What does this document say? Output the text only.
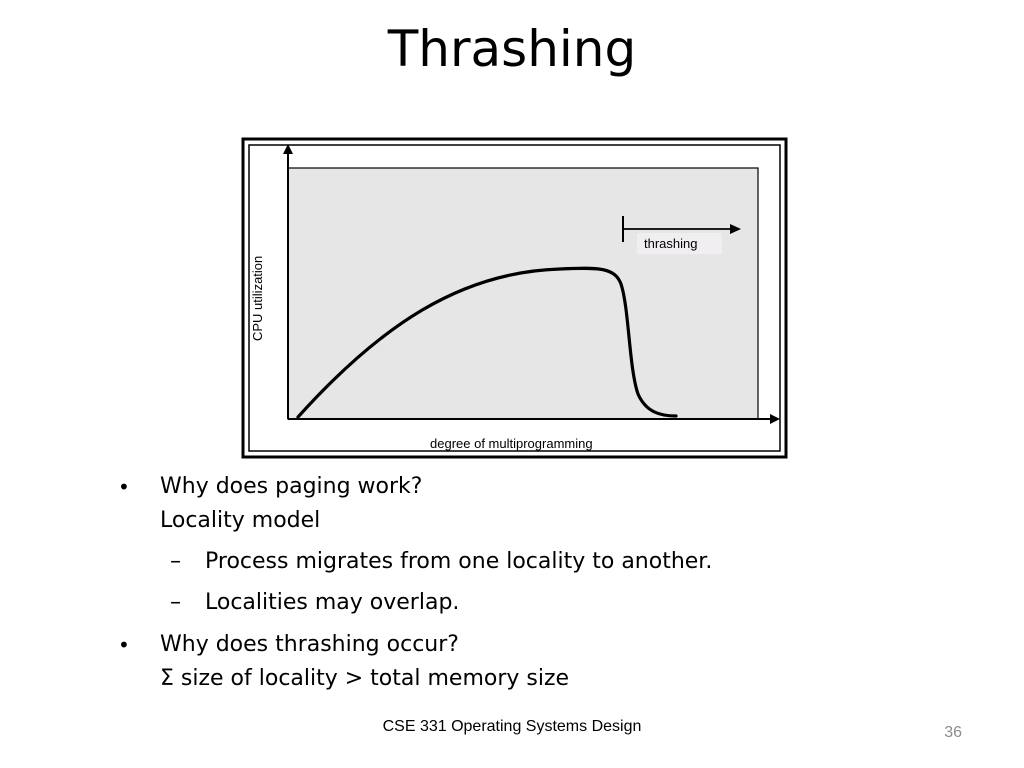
Thrashing
thrashing
CPU utilization
degree of multiprogramming
• Why does paging work?
Locality model
– Process migrates from one locality to another.
– Localities may overlap.
• Why does thrashing occur?
Σ size of locality > total memory size
CSE 331 Operating Systems Design	36
